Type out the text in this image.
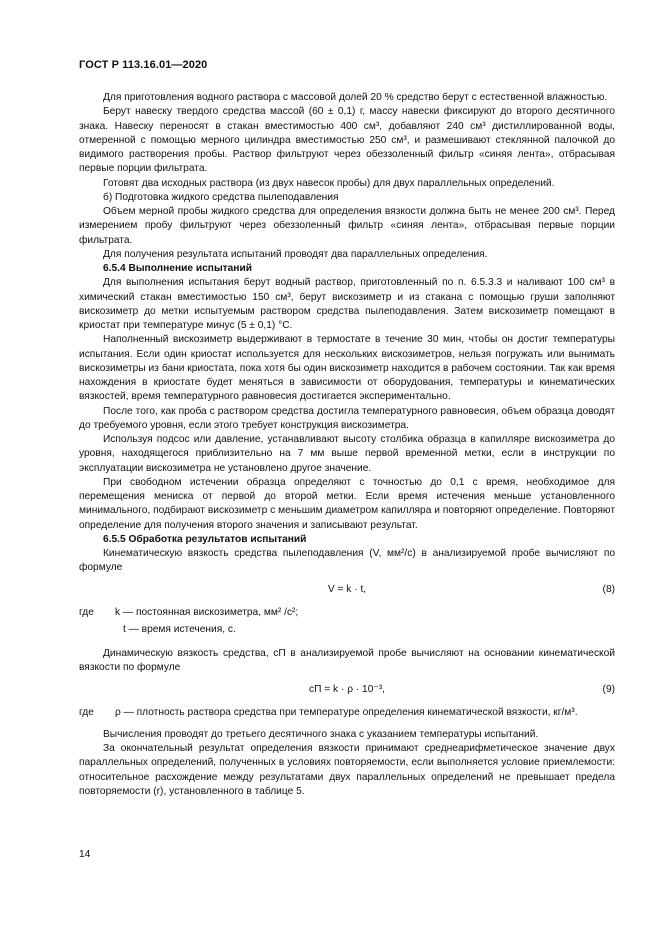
ГОСТ Р 113.16.01—2020

Для приготовления водного раствора с массовой долей 20 % средство берут с естественной влажностью.

Берут навеску твердого средства массой (60 ± 0,1) г, массу навески фиксируют до второго десятичного знака. Навеску переносят в стакан вместимостью 400 см³, добавляют 240 см³ дистиллированной воды, отмеренной с помощью мерного цилиндра вместимостью 250 см³, и размешивают стеклянной палочкой до видимого растворения пробы. Раствор фильтруют через обеззоленный фильтр «синяя лента», отбрасывая первые порции фильтрата.

Готовят два исходных раствора (из двух навесок пробы) для двух параллельных определений.

б) Подготовка жидкого средства пылеподавления

Объем мерной пробы жидкого средства для определения вязкости должна быть не менее 200 см³. Перед измерением пробу фильтруют через обеззоленный фильтр «синяя лента», отбрасывая первые порции фильтрата.

Для получения результата испытаний проводят два параллельных определения.

6.5.4 Выполнение испытаний

Для выполнения испытания берут водный раствор, приготовленный по п. 6.5.3.3 и наливают 100 см³ в химический стакан вместимостью 150 см³, берут вискозиметр и из стакана с помощью груши заполняют вискозиметр до метки испытуемым раствором средства пылеподавления. Затем вискозиметр помещают в криостат при температуре минус (5 ± 0,1) °С.

Наполненный вискозиметр выдерживают в термостате в течение 30 мин, чтобы он достиг температуры испытания. Если один криостат используется для нескольких вискозиметров, нельзя погружать или вынимать вискозиметры из бани криостата, пока хотя бы один вискозиметр находится в рабочем состоянии. Так как время нахождения в криостате будет меняться в зависимости от оборудования, температуры и кинематических вязкостей, время температурного равновесия достигается экспериментально.

После того, как проба с раствором средства достигла температурного равновесия, объем образца доводят до требуемого уровня, если этого требует конструкция вискозиметра.

Используя подсос или давление, устанавливают высоту столбика образца в капилляре вискозиметра до уровня, находящегося приблизительно на 7 мм выше первой временной метки, если в инструкции по эксплуатации вискозиметра не установлено другое значение.

При свободном истечении образца определяют с точностью до 0,1 с время, необходимое для перемещения мениска от первой до второй метки. Если время истечения меньше установленного минимального, подбирают вискозиметр с меньшим диаметром капилляра и повторяют определение. Повторяют определение для получения второго значения и записывают результат.

6.5.5 Обработка результатов испытаний

Кинематическую вязкость средства пылеподавления (V, мм²/с) в анализируемой пробе вычисляют по формуле

V = k · t,	(8)
где k — постоянная вискозиметра, мм² /с²;
t — время истечения, с.

Динамическую вязкость средства, сП в анализируемой пробе вычисляют на основании кинематической вязкости по формуле

сП = k · ρ · 10⁻³,	(9)
где ρ — плотность раствора средства при температуре определения кинематической вязкости, кг/м³.

Вычисления проводят до третьего десятичного знака с указанием температуры испытаний.

За окончательный результат определения вязкости принимают среднеарифметическое значение двух параллельных определений, полученных в условиях повторяемости, если выполняется условие приемлемости: относительное расхождение между результатами двух параллельных определений не превышает предела повторяемости (r), установленного в таблице 5.

14
